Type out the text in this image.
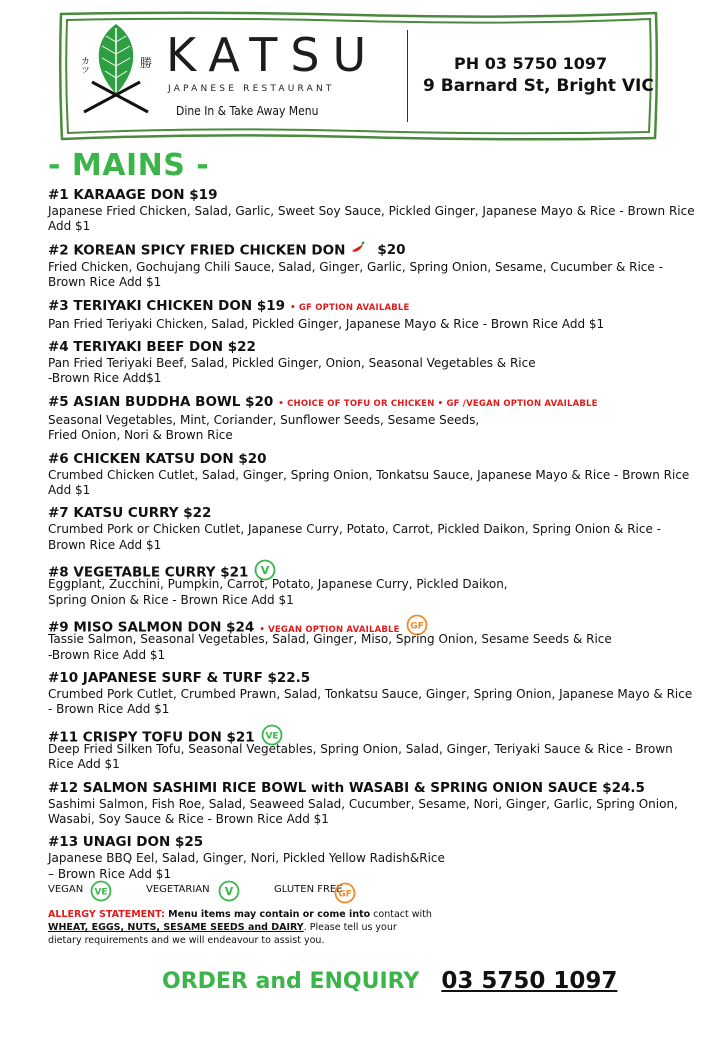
カツ	勝 KATSU
JAPANESE RESTAURANT
Dine In & Take Away Menu
PH 03 5750 1097
9 Barnard St, Bright VIC
- MAINS -
#1 KARAAGE DON $19
Japanese Fried Chicken, Salad, Garlic, Sweet Soy Sauce, Pickled Ginger, Japanese Mayo & Rice - Brown Rice Add $1
#2 KOREAN SPICY FRIED CHICKEN DON $20
Fried Chicken, Gochujang Chili Sauce, Salad, Ginger, Garlic, Spring Onion, Sesame, Cucumber & Rice - Brown Rice Add $1
#3 TERIYAKI CHICKEN DON $19 • GF OPTION AVAILABLE
Pan Fried Teriyaki Chicken, Salad, Pickled Ginger, Japanese Mayo & Rice - Brown Rice Add $1
#4 TERIYAKI BEEF DON $22
Pan Fried Teriyaki Beef, Salad, Pickled Ginger, Onion, Seasonal Vegetables & Rice
-Brown Rice Add$1
#5 ASIAN BUDDHA BOWL $20 • CHOICE OF TOFU OR CHICKEN • GF /VEGAN OPTION AVAILABLE
Seasonal Vegetables, Mint, Coriander, Sunflower Seeds, Sesame Seeds,
Fried Onion, Nori & Brown Rice
#6 CHICKEN KATSU DON $20
Crumbed Chicken Cutlet, Salad, Ginger, Spring Onion, Tonkatsu Sauce, Japanese Mayo & Rice - Brown Rice Add $1
#7 KATSU CURRY $22
Crumbed Pork or Chicken Cutlet, Japanese Curry, Potato, Carrot, Pickled Daikon, Spring Onion & Rice - Brown Rice Add $1
#8 VEGETABLE CURRY $21 V
Eggplant, Zucchini, Pumpkin, Carrot, Potato, Japanese Curry, Pickled Daikon,
Spring Onion & Rice - Brown Rice Add $1
#9 MISO SALMON DON $24 • VEGAN OPTION AVAILABLE GF
Tassie Salmon, Seasonal Vegetables, Salad, Ginger, Miso, Spring Onion, Sesame Seeds & Rice
-Brown Rice Add $1
#10 JAPANESE SURF & TURF $22.5
Crumbed Pork Cutlet, Crumbed Prawn, Salad, Tonkatsu Sauce, Ginger, Spring Onion, Japanese Mayo & Rice - Brown Rice Add $1
#11 CRISPY TOFU DON $21 VE
Deep Fried Silken Tofu, Seasonal Vegetables, Spring Onion, Salad, Ginger, Teriyaki Sauce & Rice - Brown Rice Add $1
#12 SALMON SASHIMI RICE BOWL with WASABI & SPRING ONION SAUCE $24.5
Sashimi Salmon, Fish Roe, Salad, Seaweed Salad, Cucumber, Sesame, Nori, Ginger, Garlic, Spring Onion, Wasabi, Soy Sauce & Rice - Brown Rice Add $1
#13 UNAGI DON $25
Japanese BBQ Eel, Salad, Ginger, Nori, Pickled Yellow Radish&Rice
– Brown Rice Add $1
VEGAN VE	VEGETARIAN V	GLUTEN FREE
GF
ALLERGY STATEMENT: Menu items may contain or come into contact with
WHEAT, EGGS, NUTS, SESAME SEEDS and DAIRY. Please tell us your
dietary requirements and we will endeavour to assist you.
ORDER and ENQUIRY 03 5750 1097
